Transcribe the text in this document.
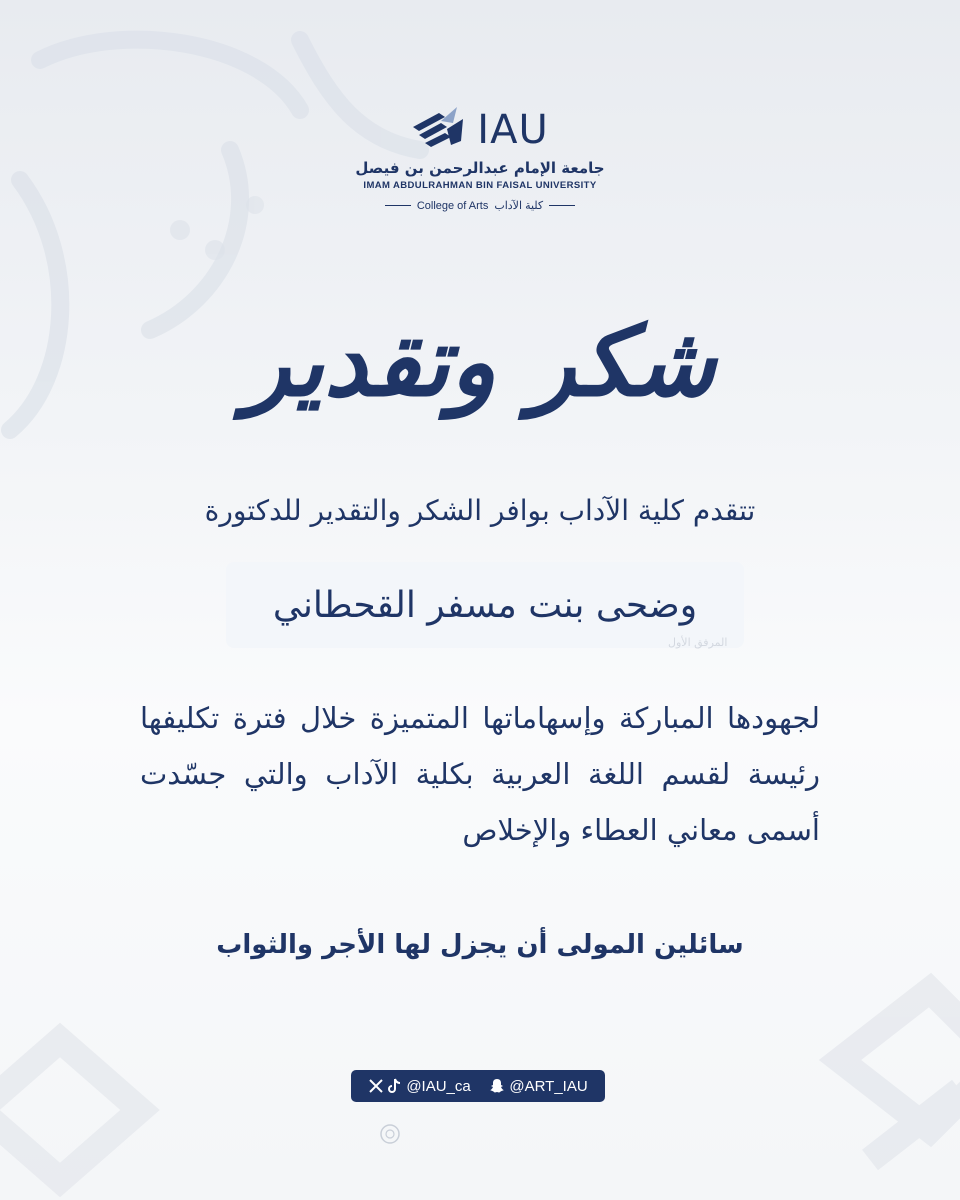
IAU
جامعة الإمام عبدالرحمن بن فيصل
IMAM ABDULRAHMAN BIN FAISAL UNIVERSITY
College of Arts كلية الآداب
شكر وتقدير
تتقدم كلية الآداب بوافر الشكر والتقدير للدكتورة
وضحى بنت مسفر القحطاني
المرفق الأول
لجهودها المباركة وإسهاماتها المتميزة خلال فترة تكليفها رئيسة لقسم اللغة العربية بكلية الآداب والتي جسّدت أسمى معاني العطاء والإخلاص
سائلين المولى أن يجزل لها الأجر والثواب
@IAU_ca	@ART_IAU
